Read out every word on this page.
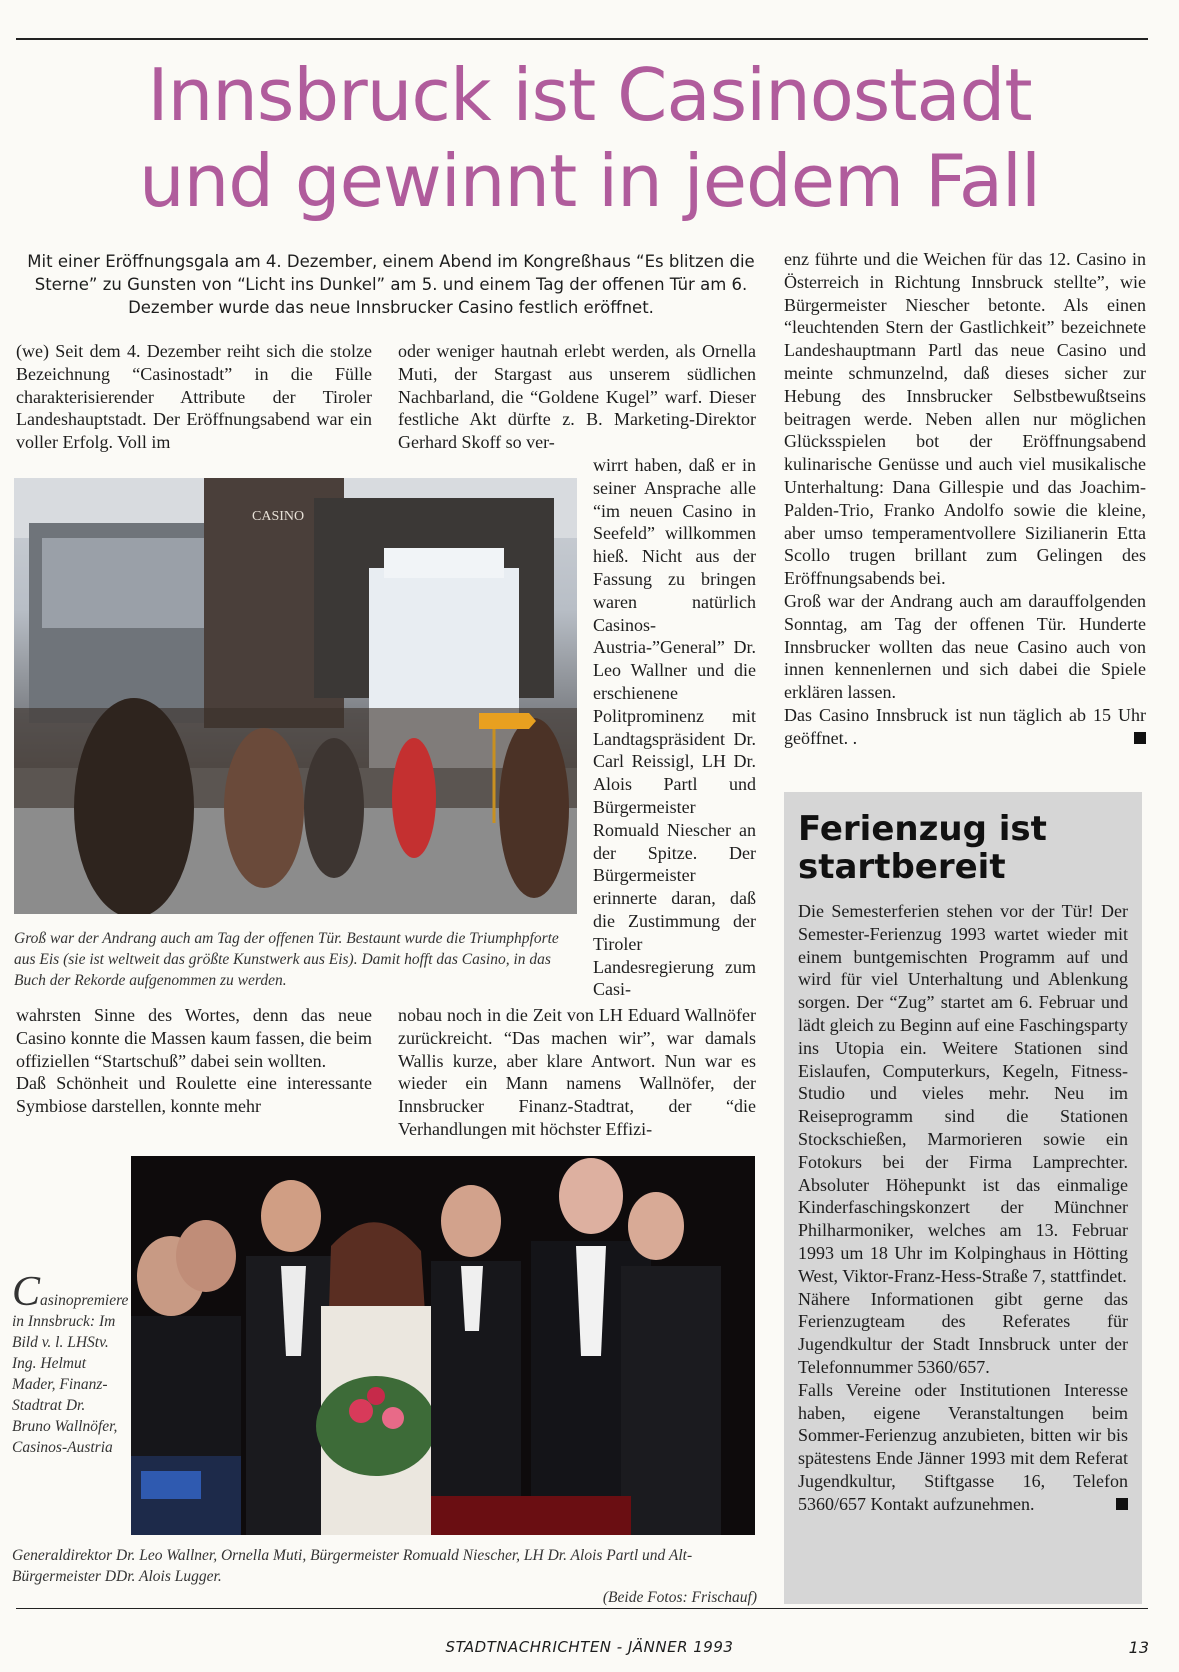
Innsbruck ist Casinostadt
und gewinnt in jedem Fall
Mit einer Eröffnungsgala am 4. Dezember, einem Abend im Kongreßhaus “Es blitzen die Sterne” zu Gunsten von “Licht ins Dunkel” am 5. und einem Tag der offenen Tür am 6. Dezember wurde das neue Innsbrucker Casino festlich eröffnet.

(we) Seit dem 4. Dezember reiht sich die stolze Bezeichnung “Casinostadt” in die Fülle charakterisierender Attribute der Tiroler Landeshauptstadt. Der Eröffnungsabend war ein voller Erfolg. Voll im

oder weniger hautnah erlebt werden, als Ornella Muti, der Stargast aus unserem südlichen Nachbarland, die “Goldene Kugel” warf. Dieser festliche Akt dürfte z. B. Marketing-Direktor Gerhard Skoff so ver-

wirrt haben, daß er in seiner Ansprache alle “im neuen Casino in Seefeld” willkommen hieß. Nicht aus der Fassung zu bringen waren natürlich Casinos-Austria-”General” Dr. Leo Wallner und die erschienene Politprominenz mit Landtagspräsident Dr. Carl Reissigl, LH Dr. Alois Partl und Bürgermeister Romuald Niescher an der Spitze. Der Bürgermeister erinnerte daran, daß die Zustimmung der Tiroler Landesregierung zum Casi-

CASINO
Groß war der Andrang auch am Tag der offenen Tür. Bestaunt wurde die Triumphpforte aus Eis (sie ist weltweit das größte Kunstwerk aus Eis). Damit hofft das Casino, in das Buch der Rekorde aufgenommen zu werden.

wahrsten Sinne des Wortes, denn das neue Casino konnte die Massen kaum fassen, die beim offiziellen “Startschuß” dabei sein wollten.

Daß Schönheit und Roulette eine interessante Symbiose darstellen, konnte mehr

nobau noch in die Zeit von LH Eduard Wallnöfer zurückreicht. “Das machen wir”, war damals Wallis kurze, aber klare Antwort. Nun war es wieder ein Mann namens Wallnöfer, der Innsbrucker Finanz-Stadtrat, der “die Verhandlungen mit höchster Effizi-

Casinopremiere in Innsbruck: Im Bild v. l. LHStv. Ing. Helmut Mader, Finanz-Stadtrat Dr. Bruno Wallnöfer, Casinos-Austria
Generaldirektor Dr. Leo Wallner, Ornella Muti, Bürgermeister Romuald Niescher, LH Dr. Alois Partl und Alt-Bürgermeister DDr. Alois Lugger.
(Beide Fotos: Frischauf)

enz führte und die Weichen für das 12. Casino in Österreich in Richtung Innsbruck stellte”, wie Bürgermeister Niescher betonte. Als einen “leuchtenden Stern der Gastlichkeit” bezeichnete Landeshauptmann Partl das neue Casino und meinte schmunzelnd, daß dieses sicher zur Hebung des Innsbrucker Selbstbewußtseins beitragen werde. Neben allen nur möglichen Glücksspielen bot der Eröffnungsabend kulinarische Genüsse und auch viel musikalische Unterhaltung: Dana Gillespie und das Joachim-Palden-Trio, Franko Andolfo sowie die kleine, aber umso temperamentvollere Sizilianerin Etta Scollo trugen brillant zum Gelingen des Eröffnungsabends bei.

Groß war der Andrang auch am darauffolgenden Sonntag, am Tag der offenen Tür. Hunderte Innsbrucker wollten das neue Casino auch von innen kennenlernen und sich dabei die Spiele erklären lassen.

Das Casino Innsbruck ist nun täglich ab 15 Uhr geöffnet. .

Ferienzug ist startbereit

Die Semesterferien stehen vor der Tür! Der Semester-Ferienzug 1993 wartet wieder mit einem buntgemischten Programm auf und wird für viel Unterhaltung und Ablenkung sorgen. Der “Zug” startet am 6. Februar und lädt gleich zu Beginn auf eine Faschingsparty ins Utopia ein. Weitere Stationen sind Eislaufen, Computerkurs, Kegeln, Fitness-Studio und vieles mehr. Neu im Reiseprogramm sind die Stationen Stockschießen, Marmorieren sowie ein Fotokurs bei der Firma Lamprechter. Absoluter Höhepunkt ist das einmalige Kinderfaschingskonzert der Münchner Philharmoniker, welches am 13. Februar 1993 um 18 Uhr im Kolpinghaus in Hötting West, Viktor-Franz-Hess-Straße 7, stattfindet.

Nähere Informationen gibt gerne das Ferienzugteam des Referates für Jugendkultur der Stadt Innsbruck unter der Telefonnummer 5360/657.

Falls Vereine oder Institutionen Interesse haben, eigene Veranstaltungen beim Sommer-Ferienzug anzubieten, bitten wir bis spätestens Ende Jänner 1993 mit dem Referat Jugendkultur, Stiftgasse 16, Telefon 5360/657 Kontakt aufzunehmen.

STADTNACHRICHTEN - JÄNNER 1993	13
